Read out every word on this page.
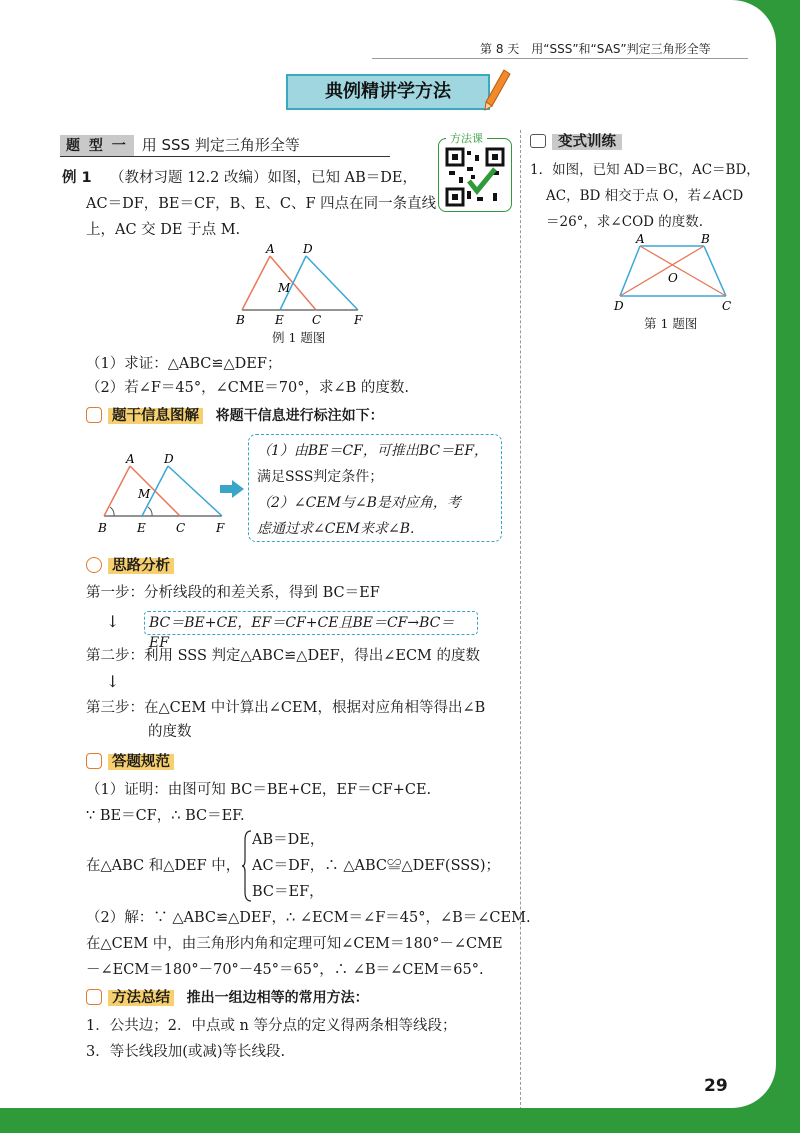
第 8 天　用“SSS”和“SAS”判定三角形全等
典例精讲学方法
题 型 一 用 SSS 判定三角形全等	方法课
例 1 （教材习题 12.2 改编）如图，已知 AB＝DE，
AC＝DF，BE＝CF，B、E、C、F 四点在同一条直线
上，AC 交 DE 于点 M.
A D
M
B	E C	F
例 1 题图
（1）求证：△ABC≌△DEF；
（2）若∠F＝45°，∠CME＝70°，求∠B 的度数.
题干信息图解 将题干信息进行标注如下：
A D
M
B	E	C	F
（1）由BE＝CF，可推出BC＝EF，
满足SSS判定条件；
（2）∠CEM与∠B是对应角，考
虑通过求∠CEM来求∠B.
思路分析
第一步：分析线段的和差关系，得到 BC＝EF
↓	BC＝BE+CE，EF＝CF+CE且BE＝CF→BC＝EF
第二步：利用 SSS 判定△ABC≌△DEF，得出∠ECM 的度数
↓
第三步：在△CEM 中计算出∠CEM，根据对应角相等得出∠B
的度数
答题规范
（1）证明：由图可知 BC＝BE+CE，EF＝CF+CE.
∵ BE＝CF，∴ BC＝EF.
在△ABC 和△DEF 中，
AB＝DE，
AC＝DF，∴ △ABC≌△DEF(SSS)；
BC＝EF，
（2）解：∵ △ABC≌△DEF，∴ ∠ECM＝∠F＝45°，∠B＝∠CEM.
在△CEM 中，由三角形内角和定理可知∠CEM＝180°－∠CME
－∠ECM＝180°－70°－45°＝65°，∴ ∠B＝∠CEM＝65°.
方法总结 推出一组边相等的常用方法：
1．公共边；2．中点或 n 等分点的定义得两条相等线段；
3．等长线段加(或减)等长线段.
变式训练
1．如图，已知 AD＝BC，AC＝BD，
AC，BD 相交于点 O，若∠ACD
＝26°，求∠COD 的度数.
A	B
O
D	C
第 1 题图
29
